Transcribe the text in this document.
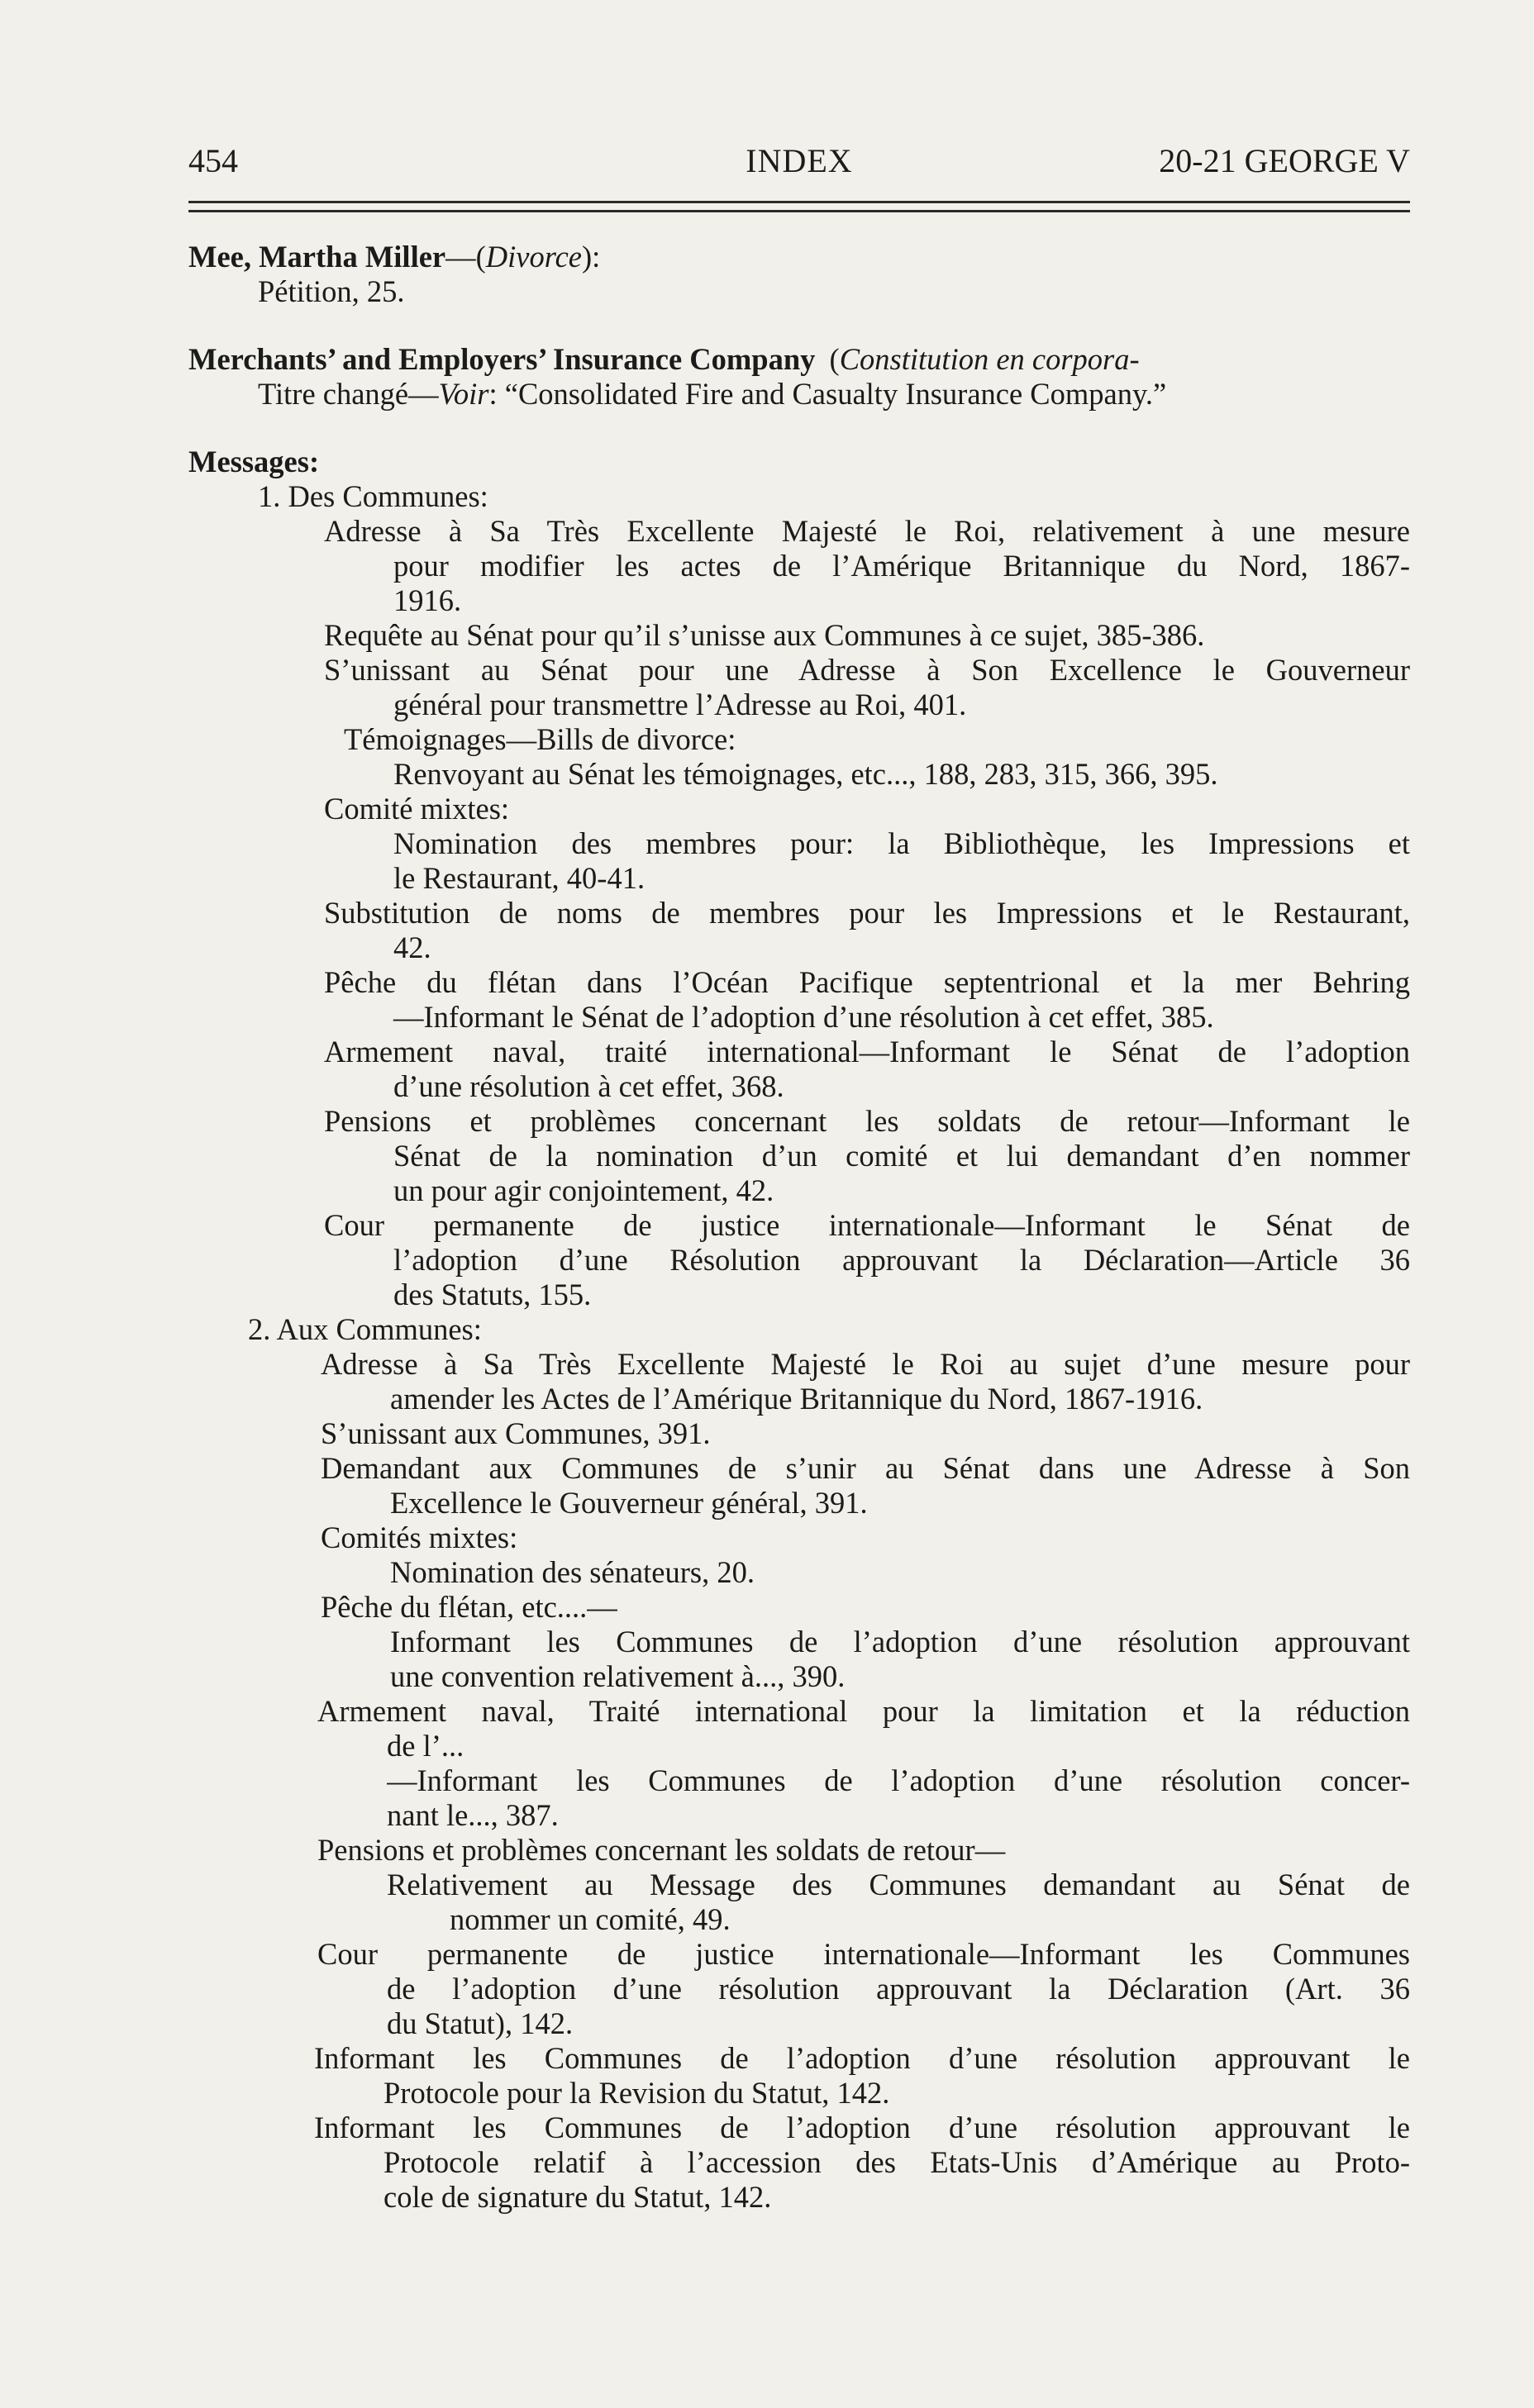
454	INDEX	20-21 GEORGE V
Mee, Martha Miller—(Divorce):
Pétition, 25.
Merchants’ and Employers’ Insurance Company (Constitution en corpora-
Titre changé—Voir: “Consolidated Fire and Casualty Insurance Company.”
Messages:
1. Des Communes:
Adresse à Sa Très Excellente Majesté le Roi, relativement à une mesure
pour modifier les actes de l’Amérique Britannique du Nord, 1867-
1916.
Requête au Sénat pour qu’il s’unisse aux Communes à ce sujet, 385-386.
S’unissant au Sénat pour une Adresse à Son Excellence le Gouverneur
général pour transmettre l’Adresse au Roi, 401.
Témoignages—Bills de divorce:
Renvoyant au Sénat les témoignages, etc..., 188, 283, 315, 366, 395.
Comité mixtes:
Nomination des membres pour: la Bibliothèque, les Impressions et
le Restaurant, 40-41.
Substitution de noms de membres pour les Impressions et le Restaurant,
42.
Pêche du flétan dans l’Océan Pacifique septentrional et la mer Behring
—Informant le Sénat de l’adoption d’une résolution à cet effet, 385.
Armement naval, traité international—Informant le Sénat de l’adoption
d’une résolution à cet effet, 368.
Pensions et problèmes concernant les soldats de retour—Informant le
Sénat de la nomination d’un comité et lui demandant d’en nommer
un pour agir conjointement, 42.
Cour permanente de justice internationale—Informant le Sénat de
l’adoption d’une Résolution approuvant la Déclaration—Article 36
des Statuts, 155.
2. Aux Communes:
Adresse à Sa Très Excellente Majesté le Roi au sujet d’une mesure pour
amender les Actes de l’Amérique Britannique du Nord, 1867-1916.
S’unissant aux Communes, 391.
Demandant aux Communes de s’unir au Sénat dans une Adresse à Son
Excellence le Gouverneur général, 391.
Comités mixtes:
Nomination des sénateurs, 20.
Pêche du flétan, etc....—
Informant les Communes de l’adoption d’une résolution approuvant
une convention relativement à..., 390.
Armement naval, Traité international pour la limitation et la réduction
de l’...
—Informant les Communes de l’adoption d’une résolution concer-
nant le..., 387.
Pensions et problèmes concernant les soldats de retour—
Relativement au Message des Communes demandant au Sénat de
nommer un comité, 49.
Cour permanente de justice internationale—Informant les Communes
de l’adoption d’une résolution approuvant la Déclaration (Art. 36
du Statut), 142.
Informant les Communes de l’adoption d’une résolution approuvant le
Protocole pour la Revision du Statut, 142.
Informant les Communes de l’adoption d’une résolution approuvant le
Protocole relatif à l’accession des Etats-Unis d’Amérique au Proto-
cole de signature du Statut, 142.
